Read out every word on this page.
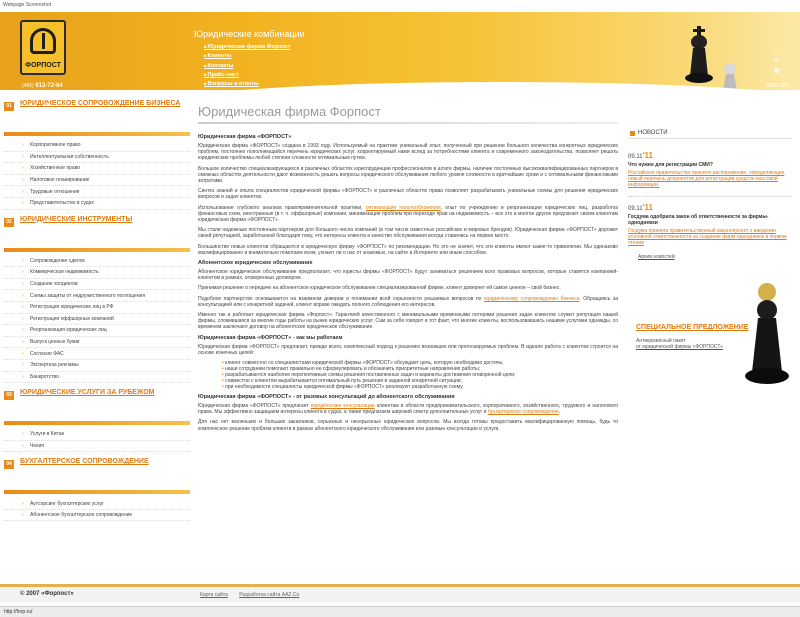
Webpage Screenshot
ФОРПОСТ
(495) 913-72-64
Юридические комбинации
■ Юридическая фирма Форпост
■ Клиенты
■ Контакты
■ Прайс-лист
■ Вопросы и ответы
⌂
✉
▦
ENGLISH
01	ЮРИДИЧЕСКОЕ СОПРОВОЖДЕНИЕ БИЗНЕСА
› Корпоративное право
› Интеллектуальная собственность
› Хозяйственное право
› Налоговое планирование
› Трудовые отношения
› Представительство в судах
02	ЮРИДИЧЕСКИЕ ИНСТРУМЕНТЫ
› Сопровождение сделок
› Коммерческая недвижимость
› Создание холдингов
› Схемы защиты от недружественного поглощения
› Регистрация юридических лиц в РФ
› Регистрация оффшорных компаний
› Реорганизация юридических лиц
› Выпуск ценных бумаг
› Согласие ФАС
› Экспертиза рекламы
› Банкротство
03	ЮРИДИЧЕСКИЕ УСЛУГИ ЗА РУБЕЖОМ
› Услуги в Китае
› Чехия
04	БУХГАЛТЕРСКОЕ СОПРОВОЖДЕНИЕ
› Аутсорсинг бухгалтерских услуг
› Абонентское бухгалтерское сопровождение
Юридическая фирма Форпост
Юридическая фирма «ФОРПОСТ»
Юридическая фирма «ФОРПОСТ» создана в 1993 году. Используемый на практике уникальный опыт, полученный при решении большого количества конкретных юридических проблем, постоянно пополняющийся перечень юридических услуг, корректируемый нами вслед за потребностями клиента и современного законодательства, позволяет решать юридические проблемы любой степени сложности оптимальным путем.
Большое количество специализирующихся в различных областях юриспруденции профессионалов в штате фирмы, наличие постоянных высококвалифицированных партнеров в смежных областях деятельности дают возможность решать вопросы юридического обслуживания любого уровня сложности в кратчайшие сроки и с оптимальными финансовыми затратами.
Синтез знаний и опыта специалистов юридической фирмы «ФОРПОСТ» в различных областях права позволяет разрабатывать уникальные схемы для решения юридических вопросов и задач клиентов.
Использование глубокого анализа правоприменительной практики, оптимизация налогообложения, опыт по учреждению и реорганизации юридических лиц, разработка финансовых схем, иностранные (в т. ч. оффшорные) компании, минимизация проблем при переходе прав на недвижимость – все это и многое другое предлагает своим клиентам юридическая фирма «ФОРПОСТ».
Мы стали надежным постоянным партнером для большого числа компаний (в том числе известных российских и мировых брендов). Юридическая фирма «ФОРПОСТ» дорожит своей репутацией, заработанной благодаря тому, что интересы клиента и качество обслуживания всегда ставились на первое место.
Большинство новых клиентов обращаются в юридическую фирму «ФОРПОСТ» по рекомендации. Но это не значит, что эти клиенты имеют какие-то привилегии. Мы одинаково квалифицированно и внимательно помогаем всем, узнают ли о нас от знакомых, на сайте в Интернете или иным способом.
Абонентское юридическое обслуживание
Абонентское юридическое обслуживание предполагает, что юристы фирмы «ФОРПОСТ» будут заниматься решением всех правовых вопросов, которые ставятся компанией-клиентом в рамках, оговоренных договором.
Принимая решение о передаче на абонентское юридическое обслуживание специализированной фирме, клиент доверяет ей самое ценное – свой бизнес.
Подобное партнерство основывается на взаимном доверии и понимании всей серьезности решаемых вопросов по юридическому сопровождению бизнеса. Обращаясь за консультацией или с конкретной задачей, клиент вправе ожидать полного соблюдения его интересов.
Именно так и работает юридическая фирма «Форпост». Гарантией качественного с минимальными временными потерями решения задач клиентов служит репутация нашей фирмы, сложившаяся за многие годы работы на рынке юридических услуг. Сам за себя говорит и тот факт, что многие клиенты, воспользовавшись нашими услугами однажды, со временем заключают договор на абонентское юридическое обслуживание.
Юридическая фирма «ФОРПОСТ» - как мы работаем
Юридическая фирма «ФОРПОСТ» предлагает, прежде всего, комплексный подход к решению возникших или прогнозируемых проблем. В идеале работа с клиентом строится на основе конечных целей:
• клиент совместно со специалистами юридической фирмы «ФОРПОСТ» обсуждает цель, которую необходимо достичь;
• наши сотрудники помогают правильно ее сформулировать и обозначить приоритетные направления работы;
• разрабатываются наиболее перспективные схемы решения поставленных задач и варианты достижения оговоренной цели;
• совместно с клиентом вырабатывается оптимальный путь решения в заданной конкретной ситуации;
• при необходимости специалисты юридической фирмы «ФОРПОСТ» реализуют разработанную схему.
Юридическая фирма «ФОРПОСТ» - от разовых консультаций до абонентского обслуживания
Юридическая фирма «ФОРПОСТ» предлагает юридические консультации клиентам в области предпринимательского, корпоративного, хозяйственного, трудового и налогового права. Мы эффективно защищаем интересы клиента в судах, а также предлагаем широкий спектр дополнительных услуг и бухгалтерское сопровождение.
Для нас нет маленьких и больших заказчиков, серьезных и несерьезных юридических вопросов. Мы всегда готовы предоставить квалифицированную помощь, будь то комплексное решение проблем клиента в рамках абонентского юридического обслуживания или разовые консультации и услуги.
НОВОСТИ
09.11'11
Что нужно для регистрации СМИ?
Российское правительство приняло распоряжение, определяющее новый перечень документов для регистрации средств массовой информации.
09.11'11
Госдума одобрила закон об ответственности за фирмы-однодневки
Госдума приняла правительственный законопроект о введении уголовной ответственности за создание фирм-однодневок в первом чтении
Архив новостей
СПЕЦИАЛЬНОЕ ПРЕДЛОЖЕНИЕ
Антикризисный пакет
от юридической фирмы «ФОРПОСТ»
© 2007 «Форпост»	Карта сайта Разработка сайта AAZ.Co
http://forp.ru/
